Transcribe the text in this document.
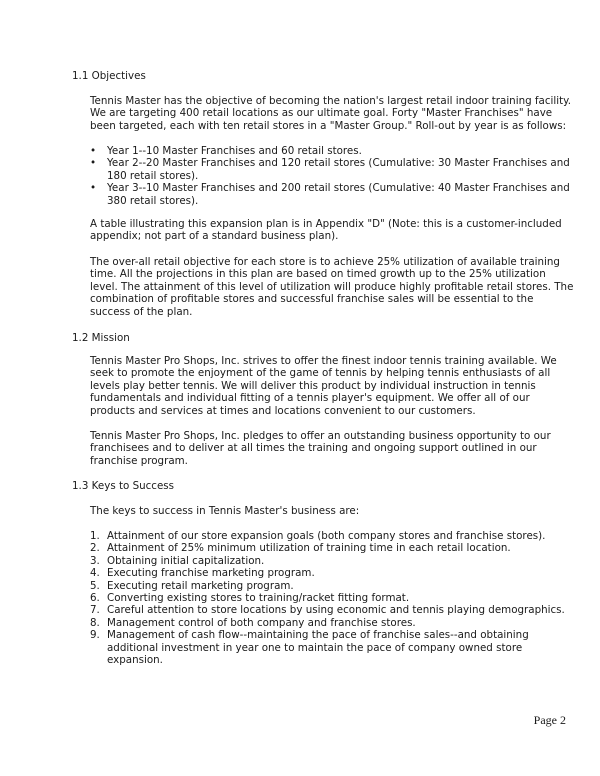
1.1 Objectives

Tennis Master has the objective of becoming the nation's largest retail indoor training facility. We are targeting 400 retail locations as our ultimate goal. Forty "Master Franchises" have been targeted, each with ten retail stores in a "Master Group." Roll-out by year is as follows:

• Year 1--10 Master Franchises and 60 retail stores.
• Year 2--20 Master Franchises and 120 retail stores (Cumulative: 30 Master Franchises and 180 retail stores).
• Year 3--10 Master Franchises and 200 retail stores (Cumulative: 40 Master Franchises and 380 retail stores).

A table illustrating this expansion plan is in Appendix "D" (Note: this is a customer-included appendix; not part of a standard business plan).

The over-all retail objective for each store is to achieve 25% utilization of available training time. All the projections in this plan are based on timed growth up to the 25% utilization level. The attainment of this level of utilization will produce highly profitable retail stores. The combination of profitable stores and successful franchise sales will be essential to the success of the plan.

1.2 Mission

Tennis Master Pro Shops, Inc. strives to offer the finest indoor tennis training available. We seek to promote the enjoyment of the game of tennis by helping tennis enthusiasts of all levels play better tennis. We will deliver this product by individual instruction in tennis fundamentals and individual fitting of a tennis player's equipment. We offer all of our products and services at times and locations convenient to our customers.

Tennis Master Pro Shops, Inc. pledges to offer an outstanding business opportunity to our franchisees and to deliver at all times the training and ongoing support outlined in our franchise program.

1.3 Keys to Success

The keys to success in Tennis Master's business are:

1. Attainment of our store expansion goals (both company stores and franchise stores).
2. Attainment of 25% minimum utilization of training time in each retail location.
3. Obtaining initial capitalization.
4. Executing franchise marketing program.
5. Executing retail marketing program.
6. Converting existing stores to training/racket fitting format.
7. Careful attention to store locations by using economic and tennis playing demographics.
8. Management control of both company and franchise stores.
9. Management of cash flow--maintaining the pace of franchise sales--and obtaining additional investment in year one to maintain the pace of company owned store expansion.
Page 2
